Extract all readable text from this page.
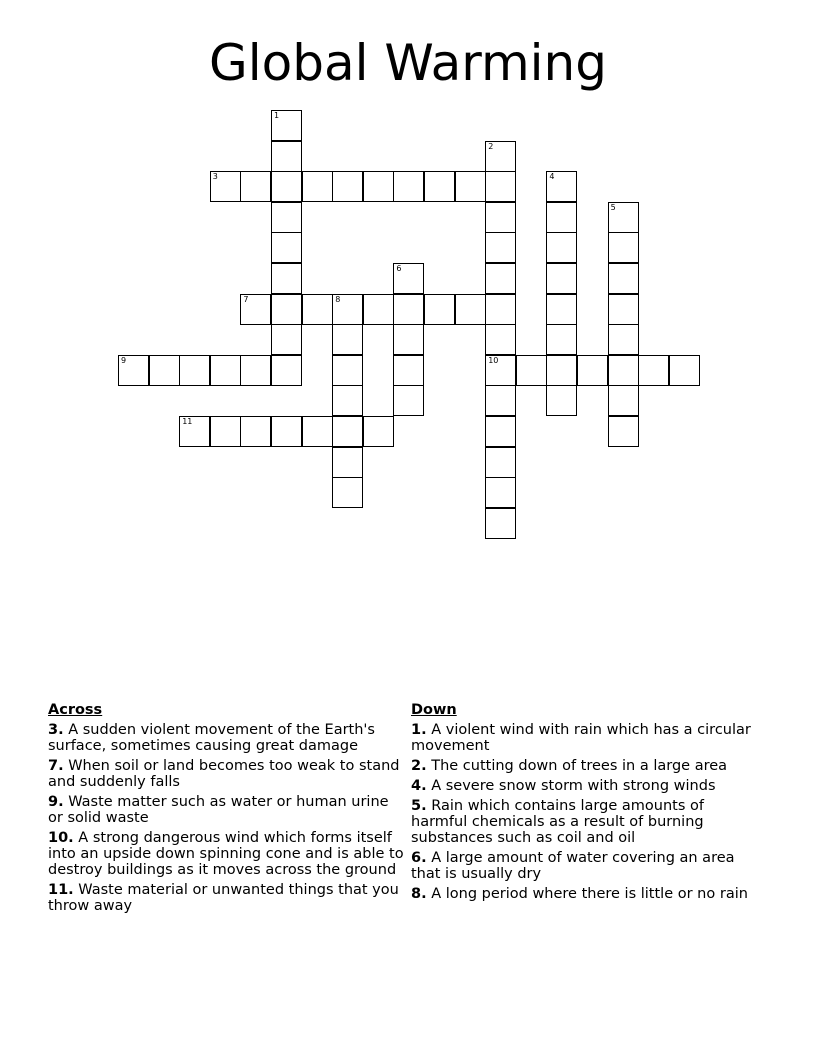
Global Warming
1
2
3	4
5
6
7	8
9	10
11
Across
3. A sudden violent movement of the Earth's surface, sometimes causing great damage
7. When soil or land becomes too weak to stand and suddenly falls
9. Waste matter such as water or human urine or solid waste
10. A strong dangerous wind which forms itself into an upside down spinning cone and is able to destroy buildings as it moves across the ground
11. Waste material or unwanted things that you throw away
Down
1. A violent wind with rain which has a circular movement
2. The cutting down of trees in a large area
4. A severe snow storm with strong winds
5. Rain which contains large amounts of harmful chemicals as a result of burning substances such as coil and oil
6. A large amount of water covering an area that is usually dry
8. A long period where there is little or no rain
